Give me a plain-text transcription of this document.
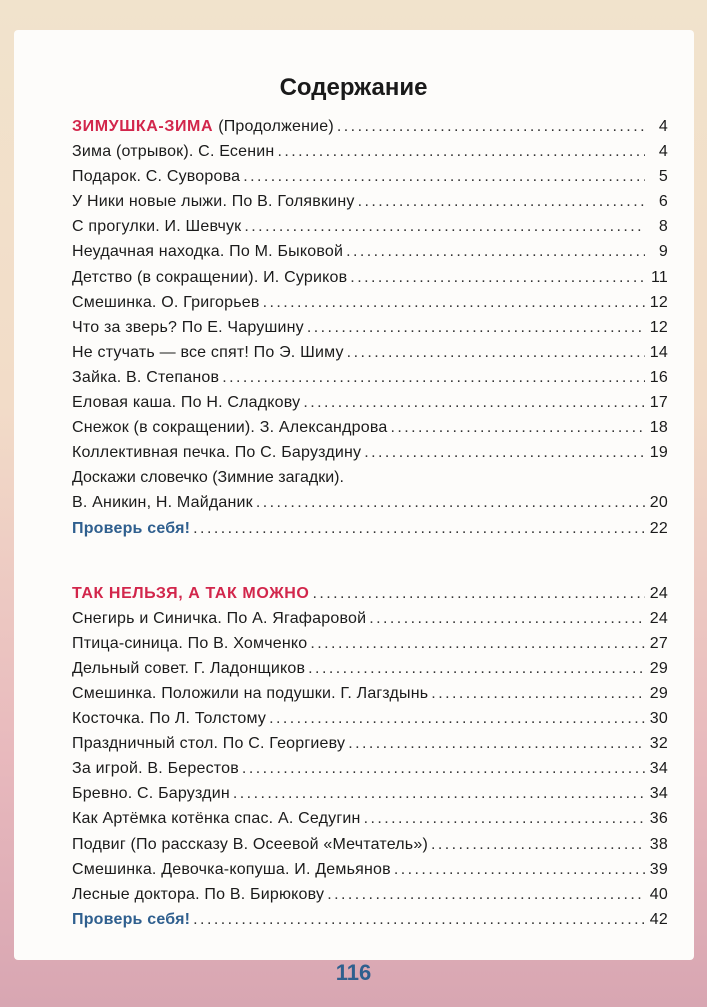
Содержание
ЗИМУШКА-ЗИМА (Продолжение) . . .	4
Зима (отрывок). С. Есенин . . .	4
Подарок. С. Суворова . . .	5
У Ники новые лыжи. По В. Голявкину . . .	6
С прогулки. И. Шевчук . . .	8
Неудачная находка. По М. Быковой . . .	9
Детство (в сокращении). И. Суриков . . .	11
Смешинка. О. Григорьев . . .	12
Что за зверь? По Е. Чарушину . . .	12
Не стучать — все спят! По Э. Шиму . . .	14
Зайка. В. Степанов . . .	16
Еловая каша. По Н. Сладкову . . .	17
Снежок (в сокращении). З. Александрова . . .	18
Коллективная печка. По С. Баруздину . . .	19
Доскажи словечко (Зимние загадки).
В. Аникин, Н. Майданик . . .	20
Проверь себя! . . .	22
ТАК НЕЛЬЗЯ, А ТАК МОЖНО . . .	24
Снегирь и Синичка. По А. Ягафаровой . . .	24
Птица-синица. По В. Хомченко . . .	27
Дельный совет. Г. Ладонщиков . . .	29
Смешинка. Положили на подушки. Г. Лагздынь . . .	29
Косточка. По Л. Толстому . . .	30
Праздничный стол. По С. Георгиеву . . .	32
За игрой. В. Берестов . . .	34
Бревно. С. Баруздин . . .	34
Как Артёмка котёнка спас. А. Седугин . . .	36
Подвиг (По рассказу В. Осеевой «Мечтатель») . . .	38
Смешинка. Девочка-копуша. И. Демьянов . . .	39
Лесные доктора. По В. Бирюкову . . .	40
Проверь себя! . . .	42
116
